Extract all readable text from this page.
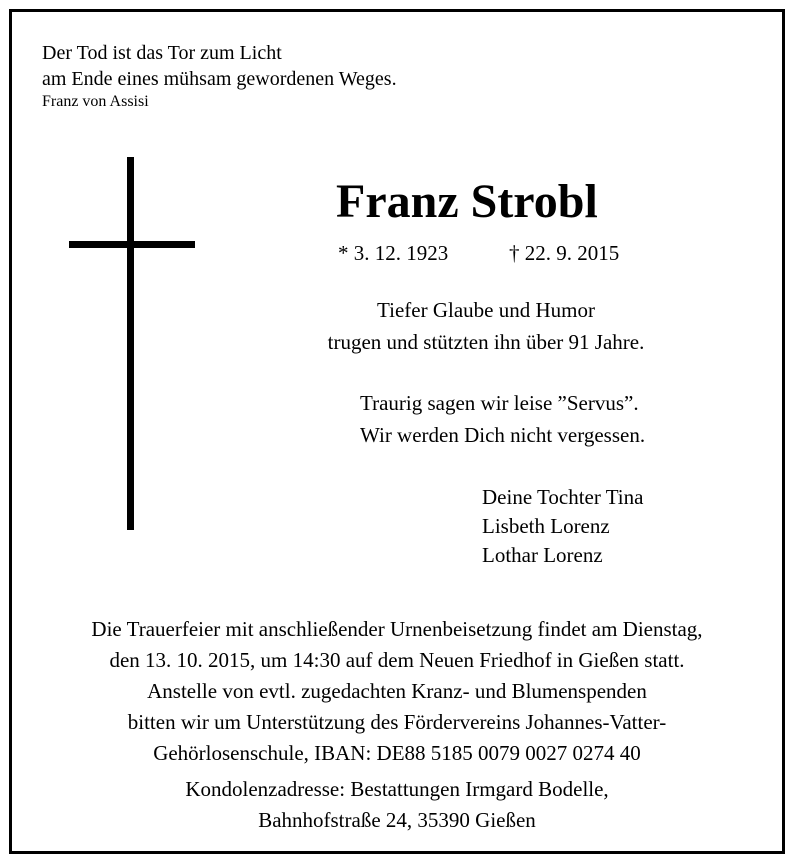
Der Tod ist das Tor zum Licht
am Ende eines mühsam gewordenen Weges.
Franz von Assisi
Franz Strobl
* 3. 12. 1923	† 22. 9. 2015
Tiefer Glaube und Humor
trugen und stützten ihn über 91 Jahre.
Traurig sagen wir leise ”Servus”.
Wir werden Dich nicht vergessen.
Deine Tochter Tina
Lisbeth Lorenz
Lothar Lorenz
Die Trauerfeier mit anschließender Urnenbeisetzung findet am Dienstag,
den 13. 10. 2015, um 14:30 auf dem Neuen Friedhof in Gießen statt.
Anstelle von evtl. zugedachten Kranz- und Blumenspenden
bitten wir um Unterstützung des Fördervereins Johannes-Vatter-
Gehörlosenschule, IBAN: DE88 5185 0079 0027 0274 40
Kondolenzadresse: Bestattungen Irmgard Bodelle,
Bahnhofstraße 24, 35390 Gießen
